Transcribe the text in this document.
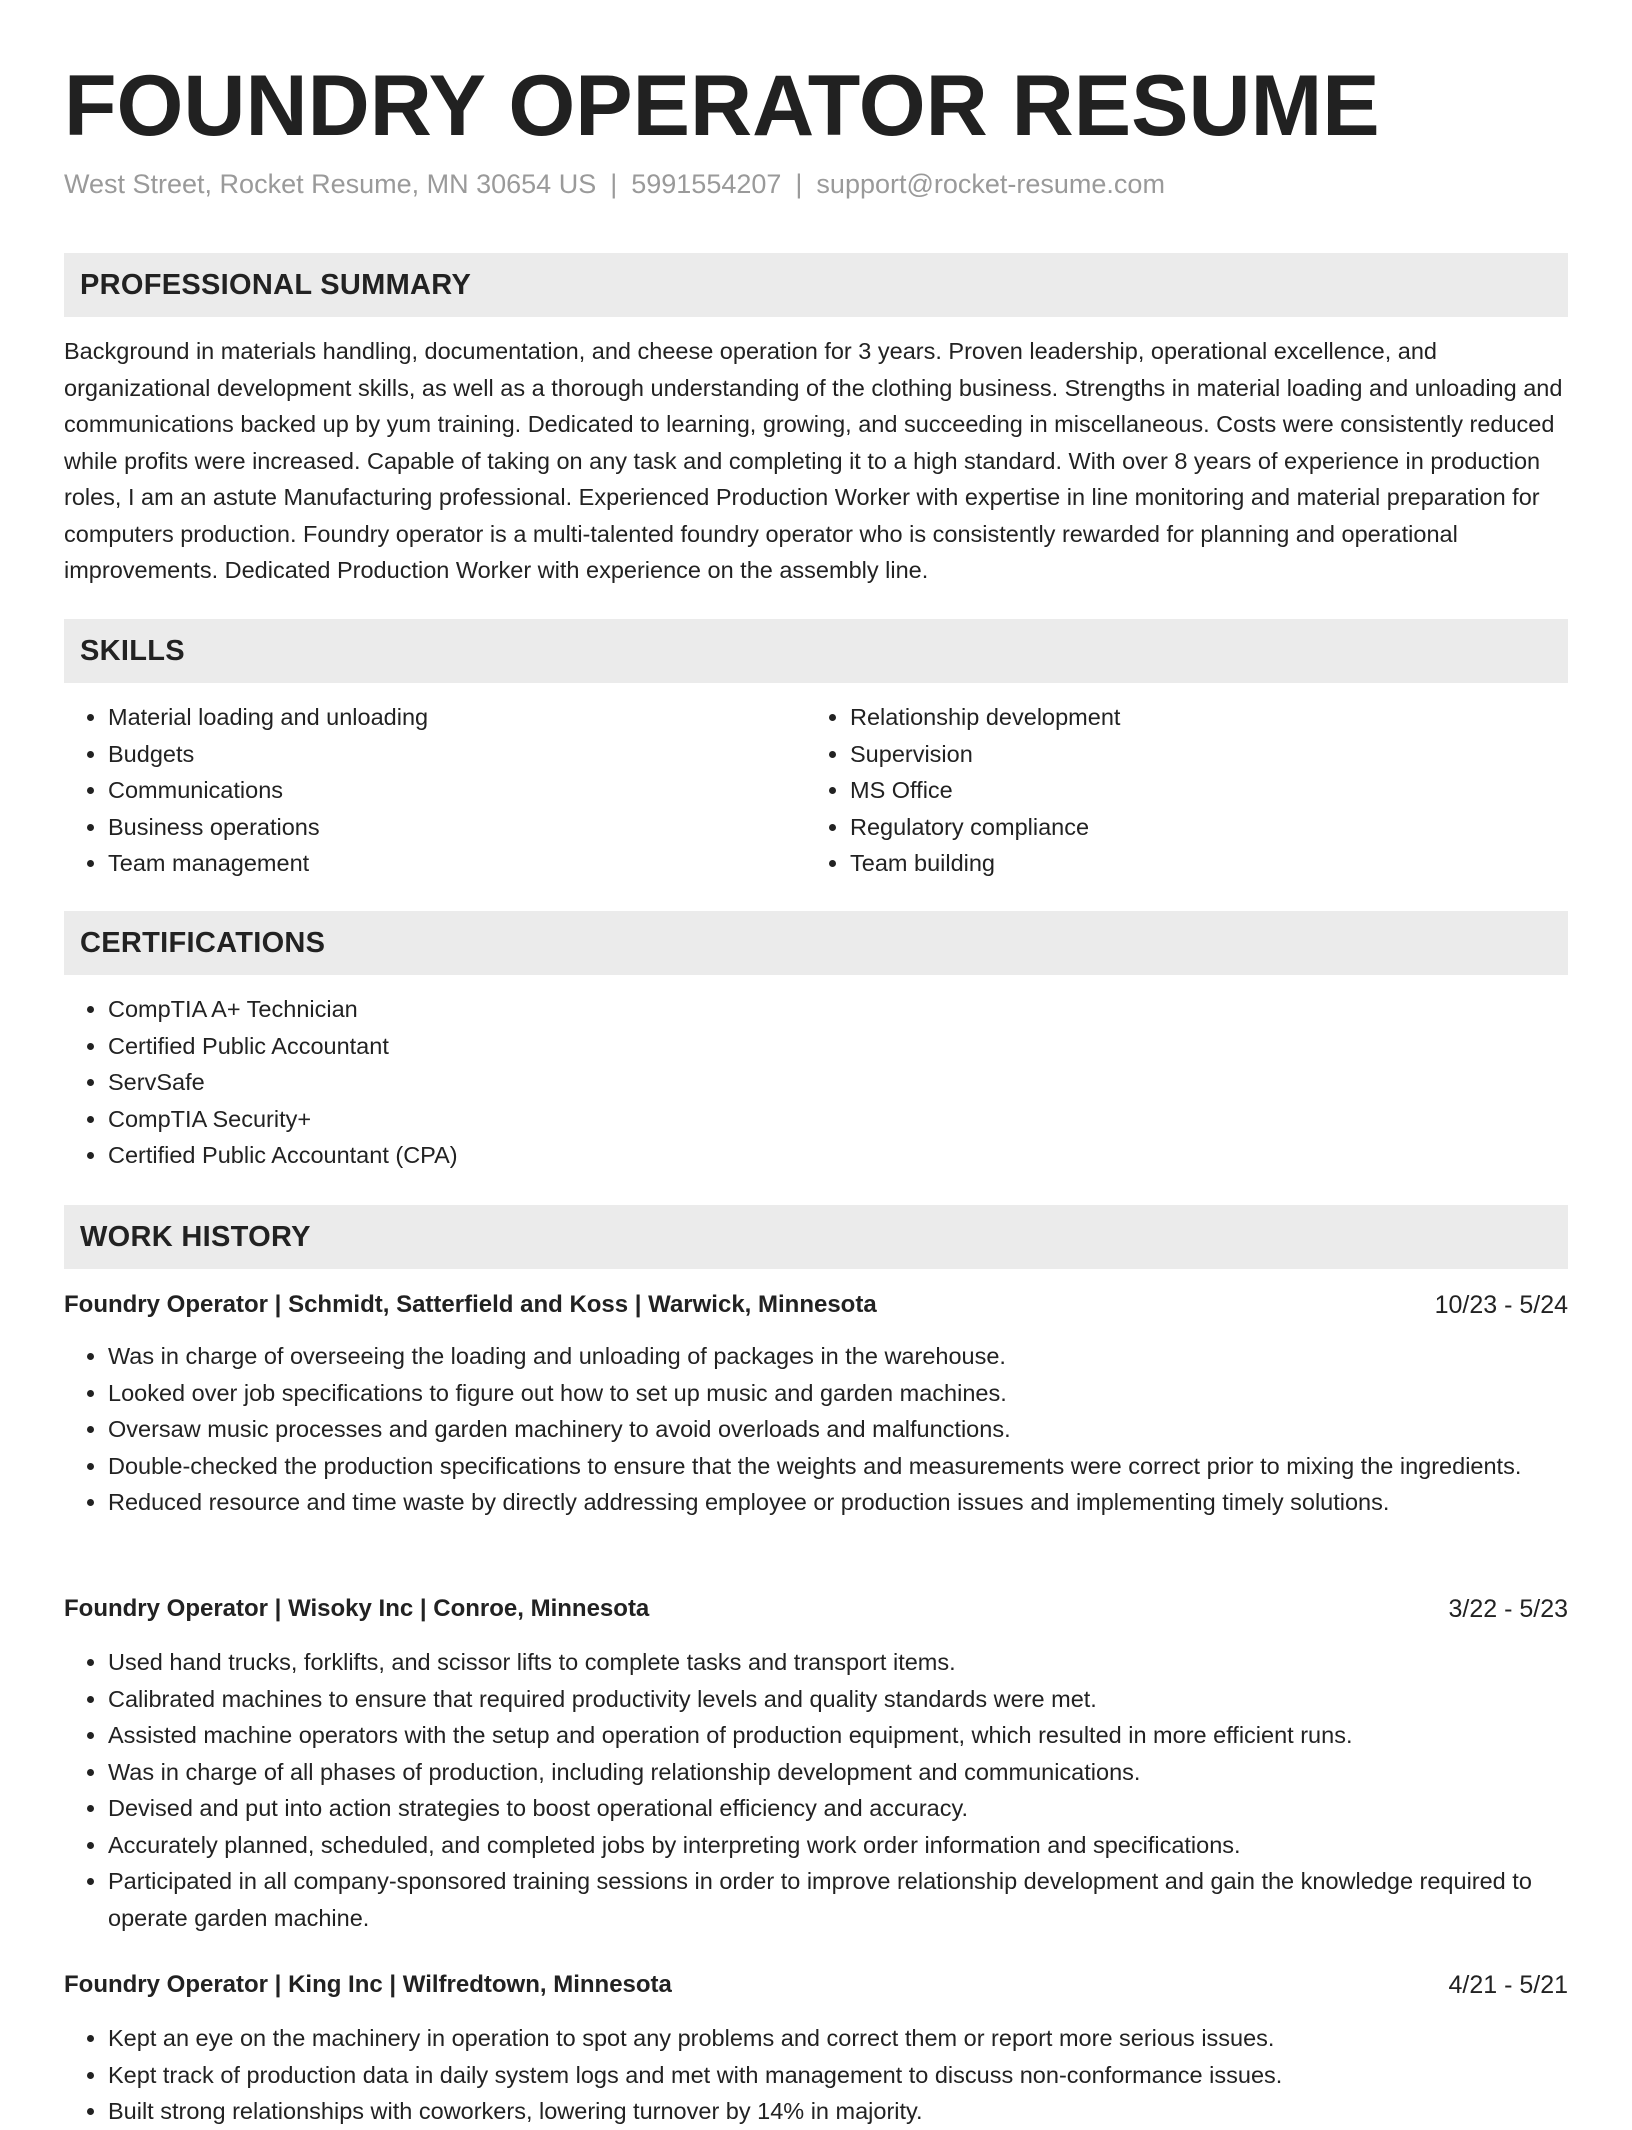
FOUNDRY OPERATOR RESUME
West Street, Rocket Resume, MN 30654 US | 5991554207 | support@rocket-resume.com
PROFESSIONAL SUMMARY

Background in materials handling, documentation, and cheese operation for 3 years. Proven leadership, operational excellence, and organizational development skills, as well as a thorough understanding of the clothing business. Strengths in material loading and unloading and communications backed up by yum training. Dedicated to learning, growing, and succeeding in miscellaneous. Costs were consistently reduced while profits were increased. Capable of taking on any task and completing it to a high standard. With over 8 years of experience in production roles, I am an astute Manufacturing professional. Experienced Production Worker with expertise in line monitoring and material preparation for computers production. Foundry operator is a multi-talented foundry operator who is consistently rewarded for planning and operational improvements. Dedicated Production Worker with experience on the assembly line.

SKILLS
• Material loading and unloading
• Budgets
• Communications
• Business operations
• Team management
• Relationship development
• Supervision
• MS Office
• Regulatory compliance
• Team building
CERTIFICATIONS
• CompTIA A+ Technician
• Certified Public Accountant
• ServSafe
• CompTIA Security+
• Certified Public Accountant (CPA)
WORK HISTORY
Foundry Operator | Schmidt, Satterfield and Koss | Warwick, Minnesota	10/23 - 5/24
• Was in charge of overseeing the loading and unloading of packages in the warehouse.
• Looked over job specifications to figure out how to set up music and garden machines.
• Oversaw music processes and garden machinery to avoid overloads and malfunctions.
• Double-checked the production specifications to ensure that the weights and measurements were correct prior to mixing the ingredients.
• Reduced resource and time waste by directly addressing employee or production issues and implementing timely solutions.
Foundry Operator | Wisoky Inc | Conroe, Minnesota	3/22 - 5/23
• Used hand trucks, forklifts, and scissor lifts to complete tasks and transport items.
• Calibrated machines to ensure that required productivity levels and quality standards were met.
• Assisted machine operators with the setup and operation of production equipment, which resulted in more efficient runs.
• Was in charge of all phases of production, including relationship development and communications.
• Devised and put into action strategies to boost operational efficiency and accuracy.
• Accurately planned, scheduled, and completed jobs by interpreting work order information and specifications.
• Participated in all company-sponsored training sessions in order to improve relationship development and gain the knowledge required to operate garden machine.
Foundry Operator | King Inc | Wilfredtown, Minnesota	4/21 - 5/21
• Kept an eye on the machinery in operation to spot any problems and correct them or report more serious issues.
• Kept track of production data in daily system logs and met with management to discuss non-conformance issues.
• Built strong relationships with coworkers, lowering turnover by 14% in majority.
